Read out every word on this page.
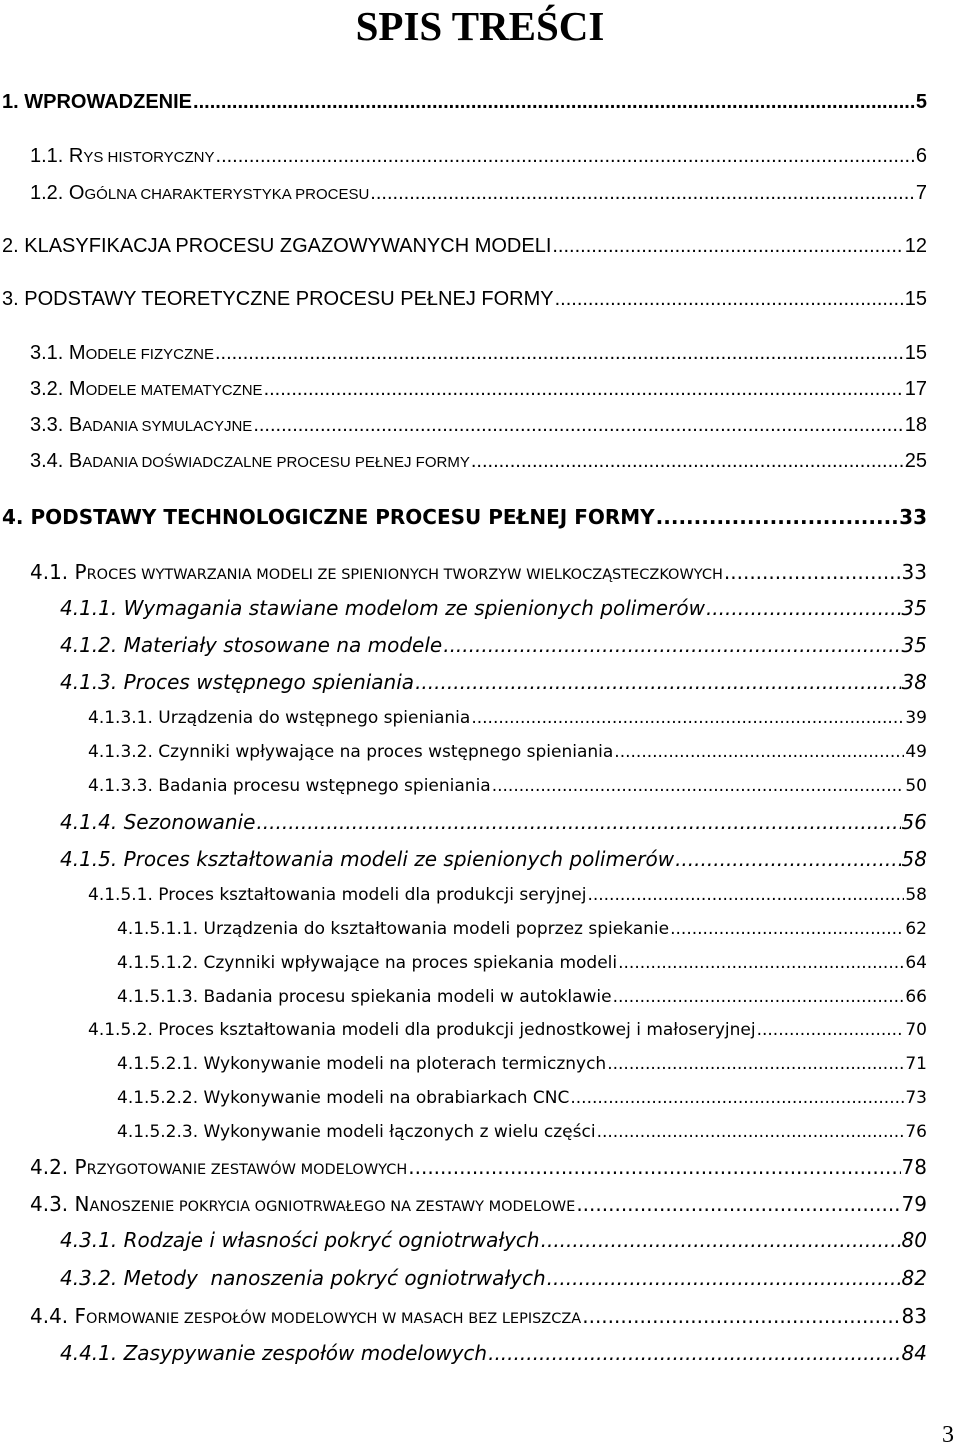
SPIS TREŚCI
1. WPROWADZENIE .....	5
1.1. RYS HISTORYCZNY .....	6
1.2. OGÓLNA CHARAKTERYSTYKA PROCESU .....	7
2. KLASYFIKACJA PROCESU ZGAZOWYWANYCH MODELI .....	12
3. PODSTAWY TEORETYCZNE PROCESU PEŁNEJ FORMY .....	15
3.1. MODELE FIZYCZNE .....	15
3.2. MODELE MATEMATYCZNE .....	17
3.3. BADANIA SYMULACYJNE .....	18
3.4. BADANIA DOŚWIADCZALNE PROCESU PEŁNEJ FORMY .....	25
4. PODSTAWY TECHNOLOGICZNE PROCESU PEŁNEJ FORMY .....	33
4.1. PROCES WYTWARZANIA MODELI ZE SPIENIONYCH TWORZYW WIELKOCZĄSTECZKOWYCH .....	33
4.1.1. Wymagania stawiane modelom ze spienionych polimerów .....	35
4.1.2. Materiały stosowane na modele .....	35
4.1.3. Proces wstępnego spieniania .....	38
4.1.3.1. Urządzenia do wstępnego spieniania .....	39
4.1.3.2. Czynniki wpływające na proces wstępnego spieniania .....	49
4.1.3.3. Badania procesu wstępnego spieniania .....	50
4.1.4. Sezonowanie .....	56
4.1.5. Proces kształtowania modeli ze spienionych polimerów .....	58
4.1.5.1. Proces kształtowania modeli dla produkcji seryjnej .....	58
4.1.5.1.1. Urządzenia do kształtowania modeli poprzez spiekanie .....	62
4.1.5.1.2. Czynniki wpływające na proces spiekania modeli .....	64
4.1.5.1.3. Badania procesu spiekania modeli w autoklawie .....	66
4.1.5.2. Proces kształtowania modeli dla produkcji jednostkowej i małoseryjnej .....	70
4.1.5.2.1. Wykonywanie modeli na ploterach termicznych .....	71
4.1.5.2.2. Wykonywanie modeli na obrabiarkach CNC .....	73
4.1.5.2.3. Wykonywanie modeli łączonych z wielu części .....	76
4.2. PRZYGOTOWANIE ZESTAWÓW MODELOWYCH .....	78
4.3. NANOSZENIE POKRYCIA OGNIOTRWAŁEGO NA ZESTAWY MODELOWE .....	79
4.3.1. Rodzaje i własności pokryć ogniotrwałych .....	80
4.3.2. Metody  nanoszenia pokryć ogniotrwałych .....	82
4.4. FORMOWANIE ZESPOŁÓW MODELOWYCH W MASACH BEZ LEPISZCZA .....	83
4.4.1. Zasypywanie zespołów modelowych .....	84
3
